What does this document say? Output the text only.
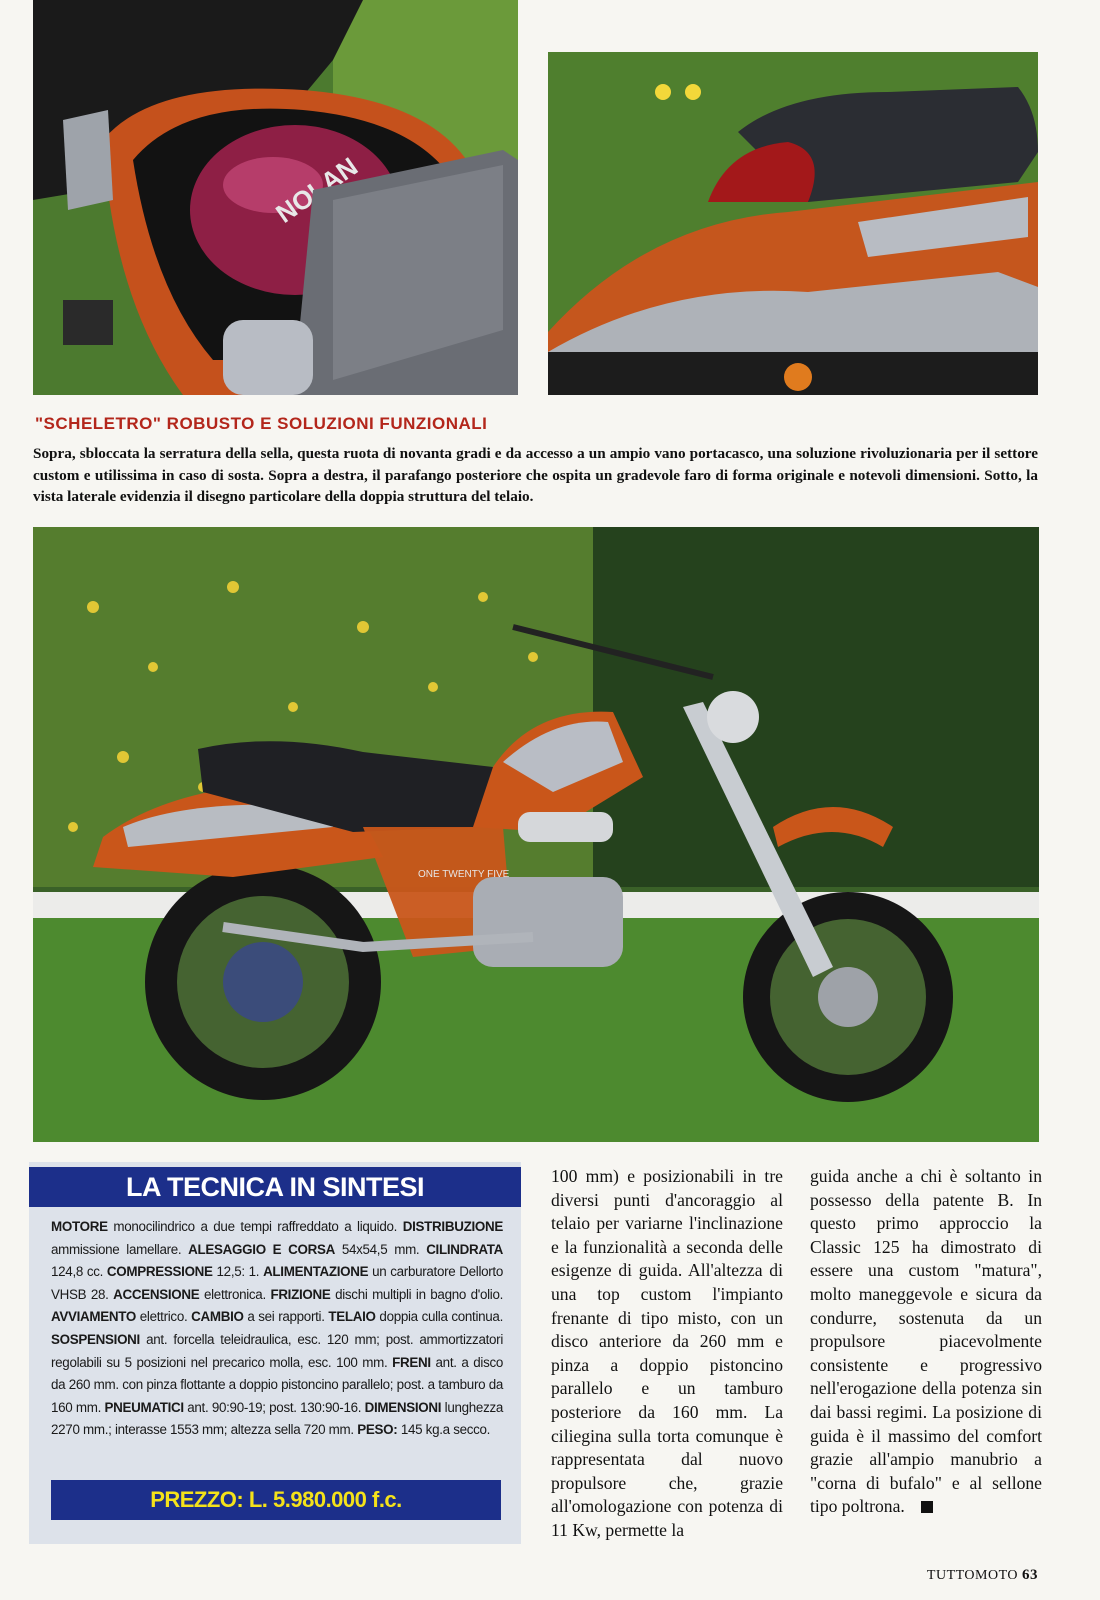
"SCHELETRO" ROBUSTO E SOLUZIONI FUNZIONALI
Sopra, sbloccata la serratura della sella, questa ruota di novanta gradi e da accesso a un ampio vano portacasco, una soluzione rivoluzionaria per il settore custom e utilissima in caso di sosta. Sopra a destra, il parafango posteriore che ospita un gradevole faro di forma originale e notevoli dimensioni. Sotto, la vista laterale evidenzia il disegno particolare della doppia struttura del telaio.
ONE TWENTY FIVE
LA TECNICA IN SINTESI
MOTORE monocilindrico a due tempi raffreddato a liquido. DISTRIBUZIONE ammissione lamellare. ALESAGGIO E CORSA 54x54,5 mm. CILINDRATA 124,8 cc. COMPRESSIONE 12,5: 1. ALIMENTAZIONE un carburatore Dellorto VHSB 28. ACCENSIONE elettronica. FRIZIONE dischi multipli in bagno d'olio. AVVIAMENTO elettrico. CAMBIO a sei rapporti. TELAIO doppia culla continua. SOSPENSIONI ant. forcella teleidraulica, esc. 120 mm; post. ammortizzatori regolabili su 5 posizioni nel precarico molla, esc. 100 mm. FRENI ant. a disco da 260 mm. con pinza flottante a doppio pistoncino parallelo; post. a tamburo da 160 mm. PNEUMATICI ant. 90:90-19; post. 130:90-16. DIMENSIONI lunghezza 2270 mm.; interasse 1553 mm; altezza sella 720 mm. PESO: 145 kg.a secco.
PREZZO: L. 5.980.000 f.c.
100 mm) e posizionabili in tre diversi punti d'ancoraggio al telaio per variarne l'inclinazione e la funzionalità a seconda delle esigenze di guida. All'altezza di una top custom l'impianto frenante di tipo misto, con un disco anteriore da 260 mm e pinza a doppio pistoncino parallelo e un tamburo posteriore da 160 mm. La ciliegina sulla torta comunque è rappresentata dal nuovo propulsore che, grazie all'omologazione con potenza di 11 Kw, permette la
guida anche a chi è soltanto in possesso della patente B. In questo primo approccio la Classic 125 ha dimostrato di essere una custom "matura", molto maneggevole e sicura da condurre, sostenuta da un propulsore piacevolmente consistente e progressivo nell'erogazione della potenza sin dai bassi regimi. La posizione di guida è il massimo del comfort grazie all'ampio manubrio a "corna di bufalo" e al sellone tipo poltrona.
TUTTOMOTO 63
